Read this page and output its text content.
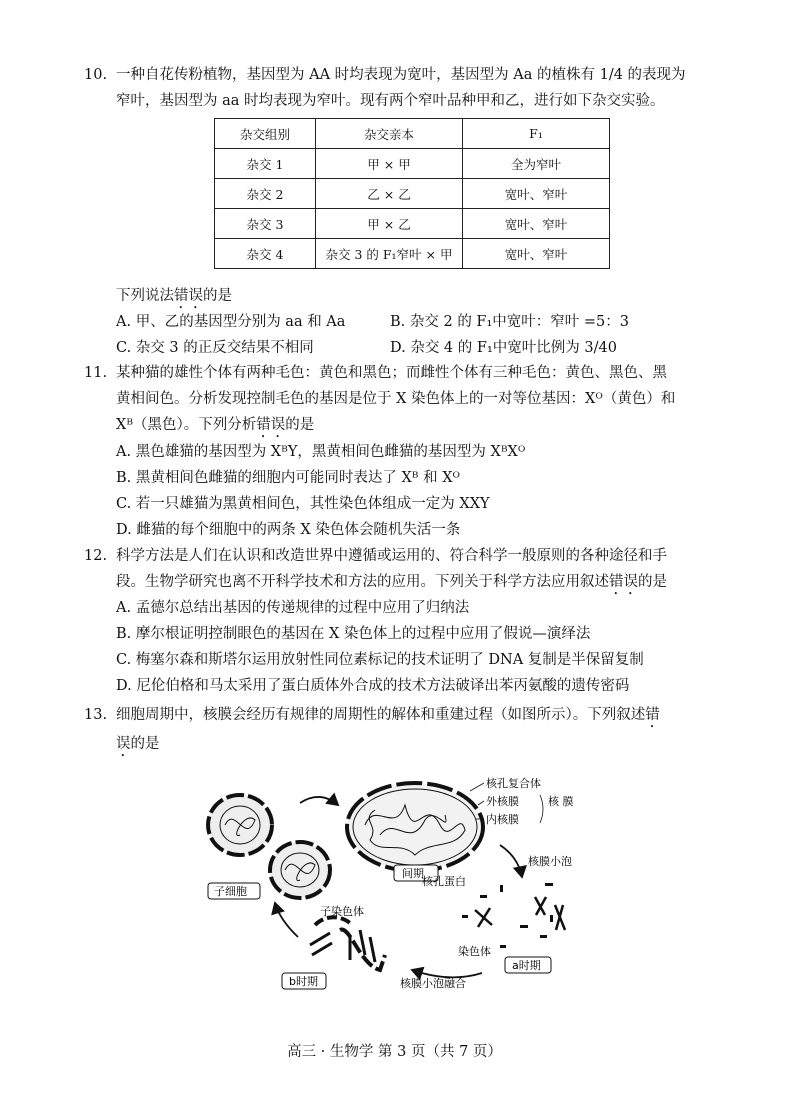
10. 一种自花传粉植物，基因型为 AA 时均表现为宽叶，基因型为 Aa 的植株有 1/4 的表现为
窄叶，基因型为 aa 时均表现为窄叶。现有两个窄叶品种甲和乙，进行如下杂交实验。
杂交组别	杂交亲本	F₁
杂交 1	甲 × 甲	全为窄叶
杂交 2	乙 × 乙	宽叶、窄叶
杂交 3	甲 × 乙	宽叶、窄叶
杂交 4	杂交 3 的 F₁窄叶 × 甲	宽叶、窄叶
下列说法错误的是
A. 甲、乙的基因型分别为 aa 和 Aa	B. 杂交 2 的 F₁中宽叶：窄叶 =5：3
C. 杂交 3 的正反交结果不相同	D. 杂交 4 的 F₁中宽叶比例为 3/40
11. 某种猫的雄性个体有两种毛色：黄色和黑色；而雌性个体有三种毛色：黄色、黑色、黑
黄相间色。分析发现控制毛色的基因是位于 X 染色体上的一对等位基因：Xᴼ（黄色）和
Xᴮ（黑色）。下列分析错误的是
A. 黑色雄猫的基因型为 XᴮY，黑黄相间色雌猫的基因型为 XᴮXᴼ
B. 黑黄相间色雌猫的细胞内可能同时表达了 Xᴮ 和 Xᴼ
C. 若一只雄猫为黑黄相间色，其性染色体组成一定为 XXY
D. 雌猫的每个细胞中的两条 X 染色体会随机失活一条
12. 科学方法是人们在认识和改造世界中遵循或运用的、符合科学一般原则的各种途径和手
段。生物学研究也离不开科学技术和方法的应用。下列关于科学方法应用叙述错误的是
A. 孟德尔总结出基因的传递规律的过程中应用了归纳法
B. 摩尔根证明控制眼色的基因在 X 染色体上的过程中应用了假说—演绎法
C. 梅塞尔森和斯塔尔运用放射性同位素标记的技术证明了 DNA 复制是半保留复制
D. 尼伦伯格和马太采用了蛋白质体外合成的技术方法破译出苯丙氨酸的遗传密码
13. 细胞周期中，核膜会经历有规律的周期性的解体和重建过程（如图所示）。下列叙述错
误的是
核孔复合体
外核膜
内核膜
核 膜
间期
核膜小泡
核孔蛋白
染色体
a时期
核膜小泡融合
子染色体
b时期
子细胞
高三 · 生物学 第 3 页（共 7 页）
